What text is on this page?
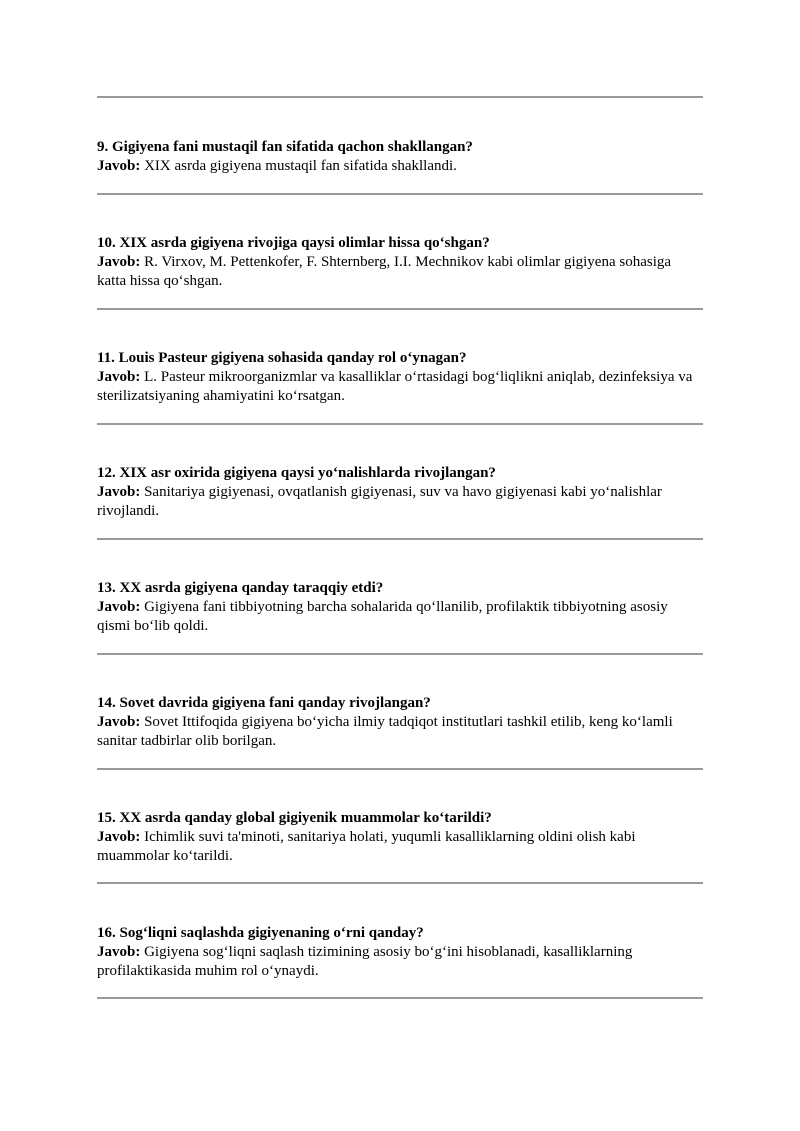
9. Gigiyena fani mustaqil fan sifatida qachon shakllangan?

Javob: XIX asrda gigiyena mustaqil fan sifatida shakllandi.

10. XIX asrda gigiyena rivojiga qaysi olimlar hissa qo‘shgan?

Javob: R. Virxov, M. Pettenkofer, F. Shternberg, I.I. Mechnikov kabi olimlar gigiyena sohasiga katta hissa qo‘shgan.

11. Louis Pasteur gigiyena sohasida qanday rol o‘ynagan?

Javob: L. Pasteur mikroorganizmlar va kasalliklar o‘rtasidagi bog‘liqlikni aniqlab, dezinfeksiya va sterilizatsiyaning ahamiyatini ko‘rsatgan.

12. XIX asr oxirida gigiyena qaysi yo‘nalishlarda rivojlangan?

Javob: Sanitariya gigiyenasi, ovqatlanish gigiyenasi, suv va havo gigiyenasi kabi yo‘nalishlar rivojlandi.

13. XX asrda gigiyena qanday taraqqiy etdi?

Javob: Gigiyena fani tibbiyotning barcha sohalarida qo‘llanilib, profilaktik tibbiyotning asosiy qismi bo‘lib qoldi.

14. Sovet davrida gigiyena fani qanday rivojlangan?

Javob: Sovet Ittifoqida gigiyena bo‘yicha ilmiy tadqiqot institutlari tashkil etilib, keng ko‘lamli sanitar tadbirlar olib borilgan.

15. XX asrda qanday global gigiyenik muammolar ko‘tarildi?

Javob: Ichimlik suvi ta'minoti, sanitariya holati, yuqumli kasalliklarning oldini olish kabi muammolar ko‘tarildi.

16. Sog‘liqni saqlashda gigiyenaning o‘rni qanday?

Javob: Gigiyena sog‘liqni saqlash tizimining asosiy bo‘g‘ini hisoblanadi, kasalliklarning profilaktikasida muhim rol o‘ynaydi.
